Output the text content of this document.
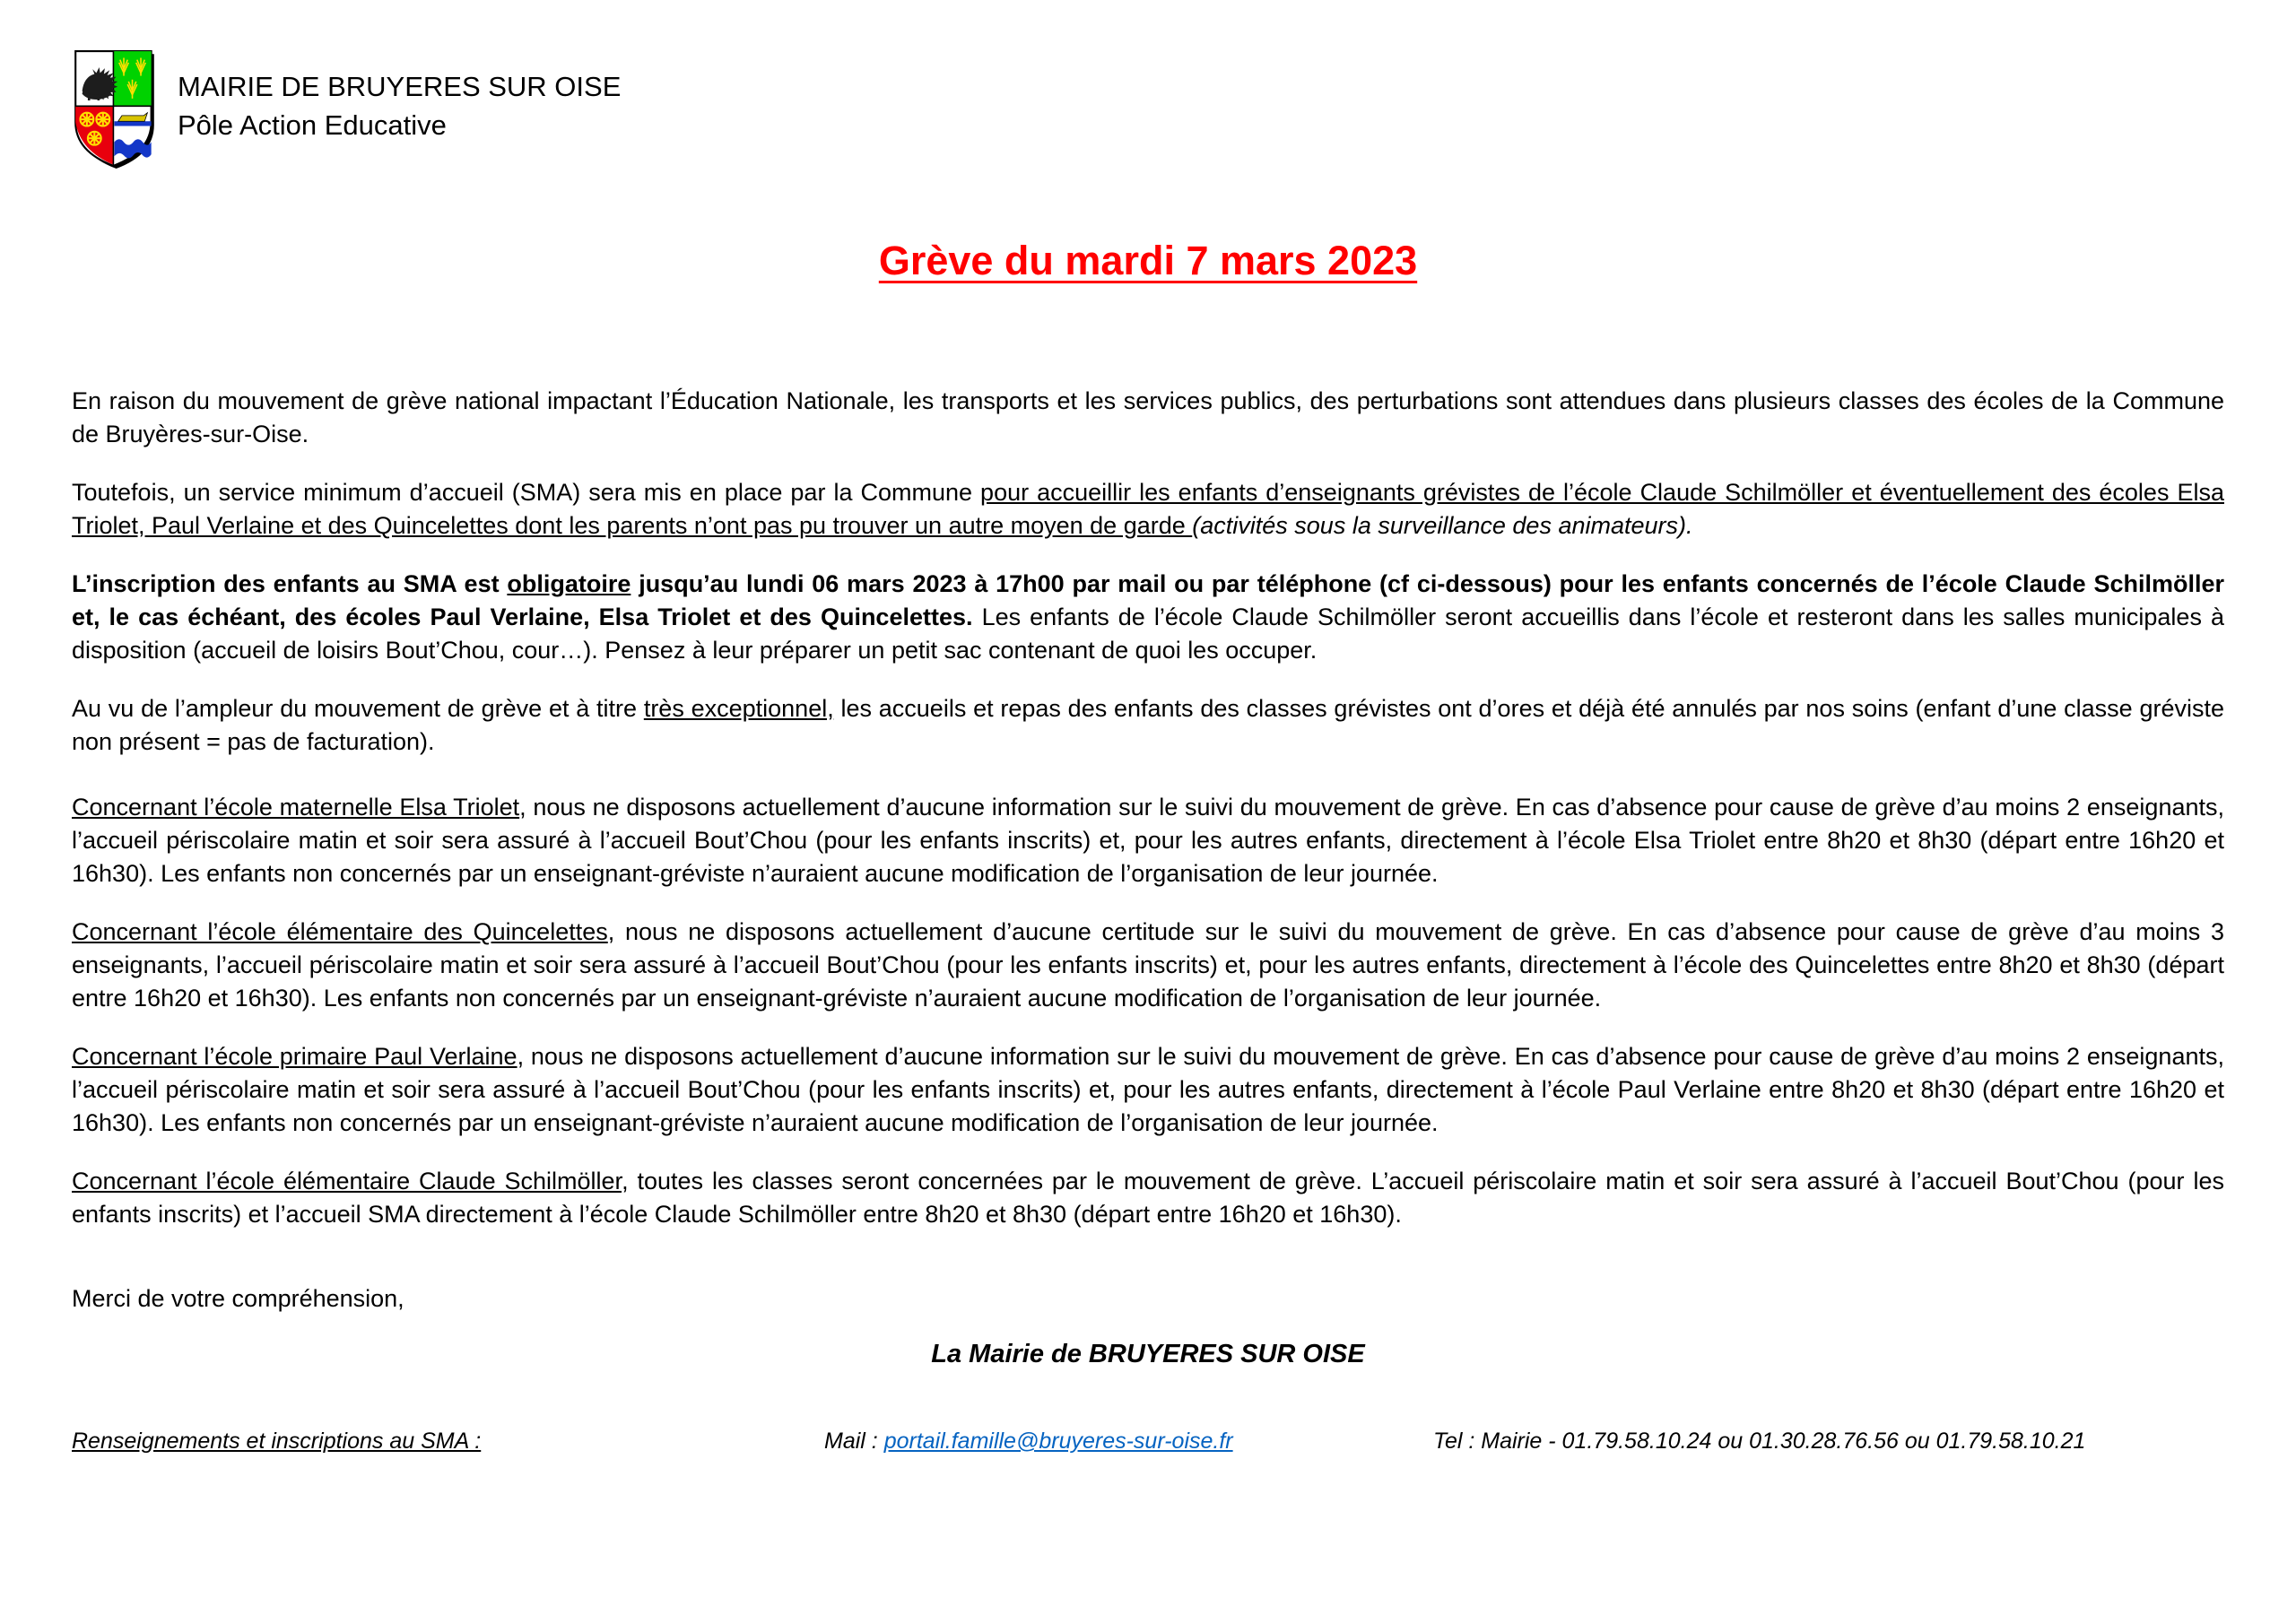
MAIRIE DE BRUYERES SUR OISE
Pôle Action Educative
Grève du mardi 7 mars 2023

En raison du mouvement de grève national impactant l’Éducation Nationale, les transports et les services publics, des perturbations sont attendues dans plusieurs classes des écoles de la Commune de Bruyères-sur-Oise.

Toutefois, un service minimum d’accueil (SMA) sera mis en place par la Commune pour accueillir les enfants d’enseignants grévistes de l’école Claude Schilmöller et éventuellement des écoles Elsa Triolet, Paul Verlaine et des Quincelettes dont les parents n’ont pas pu trouver un autre moyen de garde (activités sous la surveillance des animateurs).

L’inscription des enfants au SMA est obligatoire jusqu’au lundi 06 mars 2023 à 17h00 par mail ou par téléphone (cf ci-dessous) pour les enfants concernés de l’école Claude Schilmöller et, le cas échéant, des écoles Paul Verlaine, Elsa Triolet et des Quincelettes. Les enfants de l’école Claude Schilmöller seront accueillis dans l’école et resteront dans les salles municipales à disposition (accueil de loisirs Bout’Chou, cour…). Pensez à leur préparer un petit sac contenant de quoi les occuper.

Au vu de l’ampleur du mouvement de grève et à titre très exceptionnel, les accueils et repas des enfants des classes grévistes ont d’ores et déjà été annulés par nos soins (enfant d’une classe gréviste non présent = pas de facturation).

Concernant l’école maternelle Elsa Triolet, nous ne disposons actuellement d’aucune information sur le suivi du mouvement de grève. En cas d’absence pour cause de grève d’au moins 2 enseignants, l’accueil périscolaire matin et soir sera assuré à l’accueil Bout’Chou (pour les enfants inscrits) et, pour les autres enfants, directement à l’école Elsa Triolet entre 8h20 et 8h30 (départ entre 16h20 et 16h30). Les enfants non concernés par un enseignant-gréviste n’auraient aucune modification de l’organisation de leur journée.

Concernant l’école élémentaire des Quincelettes, nous ne disposons actuellement d’aucune certitude sur le suivi du mouvement de grève. En cas d’absence pour cause de grève d’au moins 3 enseignants, l’accueil périscolaire matin et soir sera assuré à l’accueil Bout’Chou (pour les enfants inscrits) et, pour les autres enfants, directement à l’école des Quincelettes entre 8h20 et 8h30 (départ entre 16h20 et 16h30). Les enfants non concernés par un enseignant-gréviste n’auraient aucune modification de l’organisation de leur journée.

Concernant l’école primaire Paul Verlaine, nous ne disposons actuellement d’aucune information sur le suivi du mouvement de grève. En cas d’absence pour cause de grève d’au moins 2 enseignants, l’accueil périscolaire matin et soir sera assuré à l’accueil Bout’Chou (pour les enfants inscrits) et, pour les autres enfants, directement à l’école Paul Verlaine entre 8h20 et 8h30 (départ entre 16h20 et 16h30). Les enfants non concernés par un enseignant-gréviste n’auraient aucune modification de l’organisation de leur journée.

Concernant l’école élémentaire Claude Schilmöller, toutes les classes seront concernées par le mouvement de grève. L’accueil périscolaire matin et soir sera assuré à l’accueil Bout’Chou (pour les enfants inscrits) et l’accueil SMA directement à l’école Claude Schilmöller entre 8h20 et 8h30 (départ entre 16h20 et 16h30).

Merci de votre compréhension,
La Mairie de BRUYERES SUR OISE
Renseignements et inscriptions au SMA :	Mail : portail.famille@bruyeres-sur-oise.fr	Tel : Mairie - 01.79.58.10.24 ou 01.30.28.76.56 ou 01.79.58.10.21
